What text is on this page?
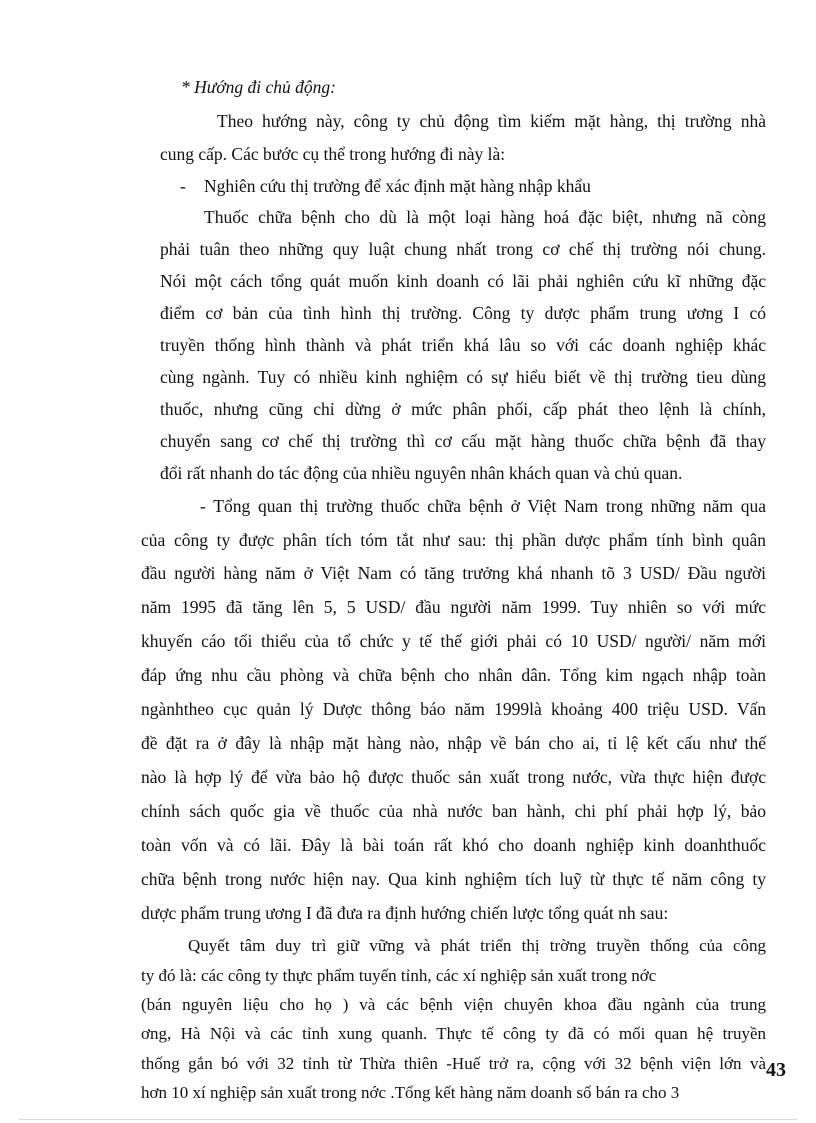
* Hướng đi chủ động:
Theo hướng này, công ty chủ động tìm kiếm mặt hàng, thị trường nhà
cung cấp. Các bước cụ thể trong hướng đi này là:
- Nghiên cứu thị trường để xác định mặt hàng nhập khẩu
Thuốc chữa bệnh cho dù là một loại hàng hoá đặc biệt, nhưng nã còng
phải tuân theo những quy luật chung nhất trong cơ chế thị trường nói chung.
Nói một cách tổng quát muốn kinh doanh có lãi phải nghiên cứu kĩ những đặc
điểm cơ bản của tình hình thị trường. Công ty dược phẩm trung ương I có
truyền thống hình thành và phát triển khá lâu so với các doanh nghiệp khác
cùng ngành. Tuy có nhiều kinh nghiệm có sự hiểu biết về thị trường tieu dùng
thuốc, nhưng cũng chỉ dừng ở mức phân phối, cấp phát theo lệnh là chính,
chuyển sang cơ chế thị trường thì cơ cấu mặt hàng thuốc chữa bệnh đã thay
đổi rất nhanh do tác động của nhiều nguyên nhân khách quan và chủ quan.
- Tổng quan thị trường thuốc chữa bệnh ở Việt Nam trong những năm qua
của công ty được phân tích tóm tắt như sau: thị phần dược phẩm tính bình quân
đầu người hàng năm ở Việt Nam có tăng trưởng khá nhanh tõ 3 USD/ Đầu người
năm 1995 đã tăng lên 5, 5 USD/ đầu người năm 1999. Tuy nhiên so với mức
khuyến cáo tối thiểu của tổ chức y tế thế giới phải có 10 USD/ người/ năm mới
đáp ứng nhu cầu phòng và chữa bệnh cho nhân dân. Tổng kim ngạch nhập toàn
ngànhtheo cục quản lý Dược thông báo năm 1999là khoảng 400 triệu USD. Vấn
đề đặt ra ở đây là nhập mặt hàng nào, nhập về bán cho ai, tỉ lệ kết cấu như thế
nào là hợp lý để vừa bảo hộ được thuốc sản xuất trong nước, vừa thực hiện được
chính sách quốc gia về thuốc của nhà nước ban hành, chi phí phải hợp lý, bảo
toàn vốn và có lãi. Đây là bài toán rất khó cho doanh nghiệp kinh doanhthuốc
chữa bệnh trong nước hiện nay. Qua kinh nghiệm tích luỹ từ thực tế năm công ty
dược phẩm trung ương I đã đưa ra định hướng chiến lược tổng quát nh sau:
Quyết tâm duy trì giữ vững và phát triển thị trờng truyền thống của công
ty đó là: các công ty thực phẩm tuyến tỉnh, các xí nghiệp sản xuất trong nớc
(bán nguyên liệu cho họ ) và các bệnh viện chuyên khoa đầu ngành của trung
ơng, Hà Nội và các tỉnh xung quanh. Thực tế công ty đã có mối quan hệ truyền
thống gắn bó với 32 tỉnh từ Thừa thiên -Huế trở ra, cộng với 32 bệnh viện lớn và
hơn 10 xí nghiệp sản xuất trong nớc .Tổng kết hàng năm doanh số bán ra cho 3
43
